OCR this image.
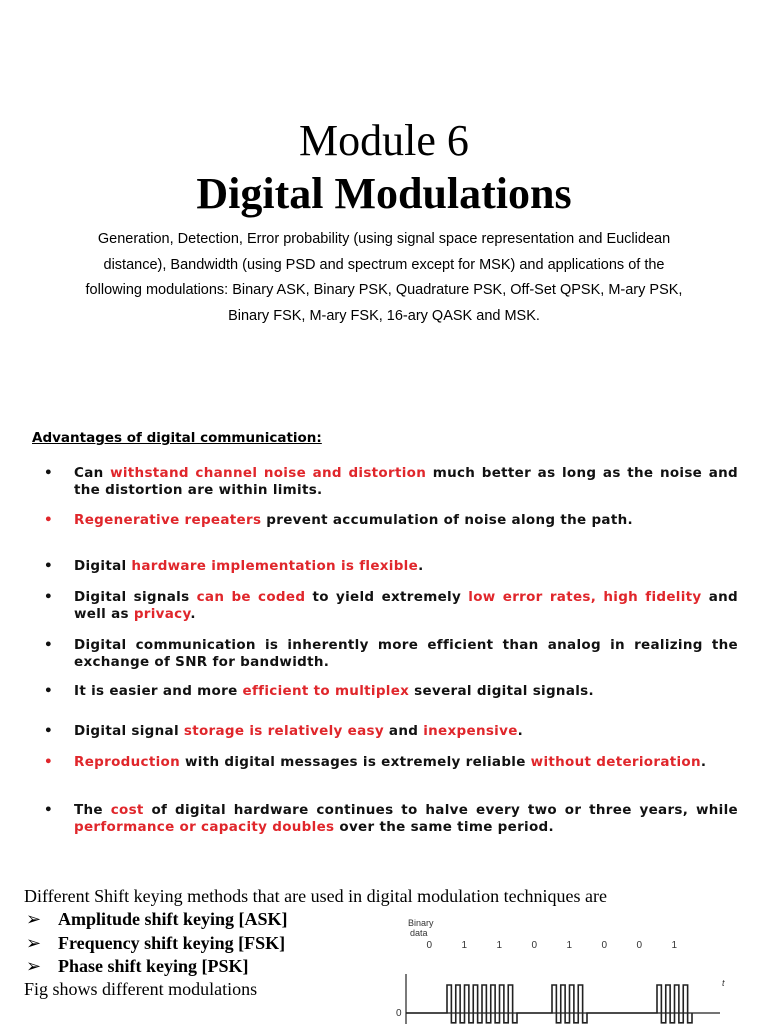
Module 6
Digital Modulations
Generation, Detection, Error probability (using signal space representation and Euclidean distance), Bandwidth (using PSD and spectrum except for MSK) and applications of the following modulations: Binary ASK, Binary PSK, Quadrature PSK, Off-Set QPSK, M-ary PSK, Binary FSK, M-ary FSK, 16-ary QASK and MSK.
Advantages of digital communication:
• Can withstand channel noise and distortion much better as long as the noise and the distortion are within limits.
• Regenerative repeaters prevent accumulation of noise along the path.
• Digital hardware implementation is flexible.
• Digital signals can be coded to yield extremely low error rates, high fidelity and well as privacy.
• Digital communication is inherently more efficient than analog in realizing the exchange of SNR for bandwidth.
• It is easier and more efficient to multiplex several digital signals.
• Digital signal storage is relatively easy and inexpensive.
• Reproduction with digital messages is extremely reliable without deterioration.
• The cost of digital hardware continues to halve every two or three years, while performance or capacity doubles over the same time period.
Different Shift keying methods that are used in digital modulation techniques are
➢ Amplitude shift keying [ASK]
➢ Frequency shift keying [FSK]
➢ Phase shift keying [PSK]
Fig shows different modulations
Binary
data
0	1	1	0	1	0	0	1
0
t
